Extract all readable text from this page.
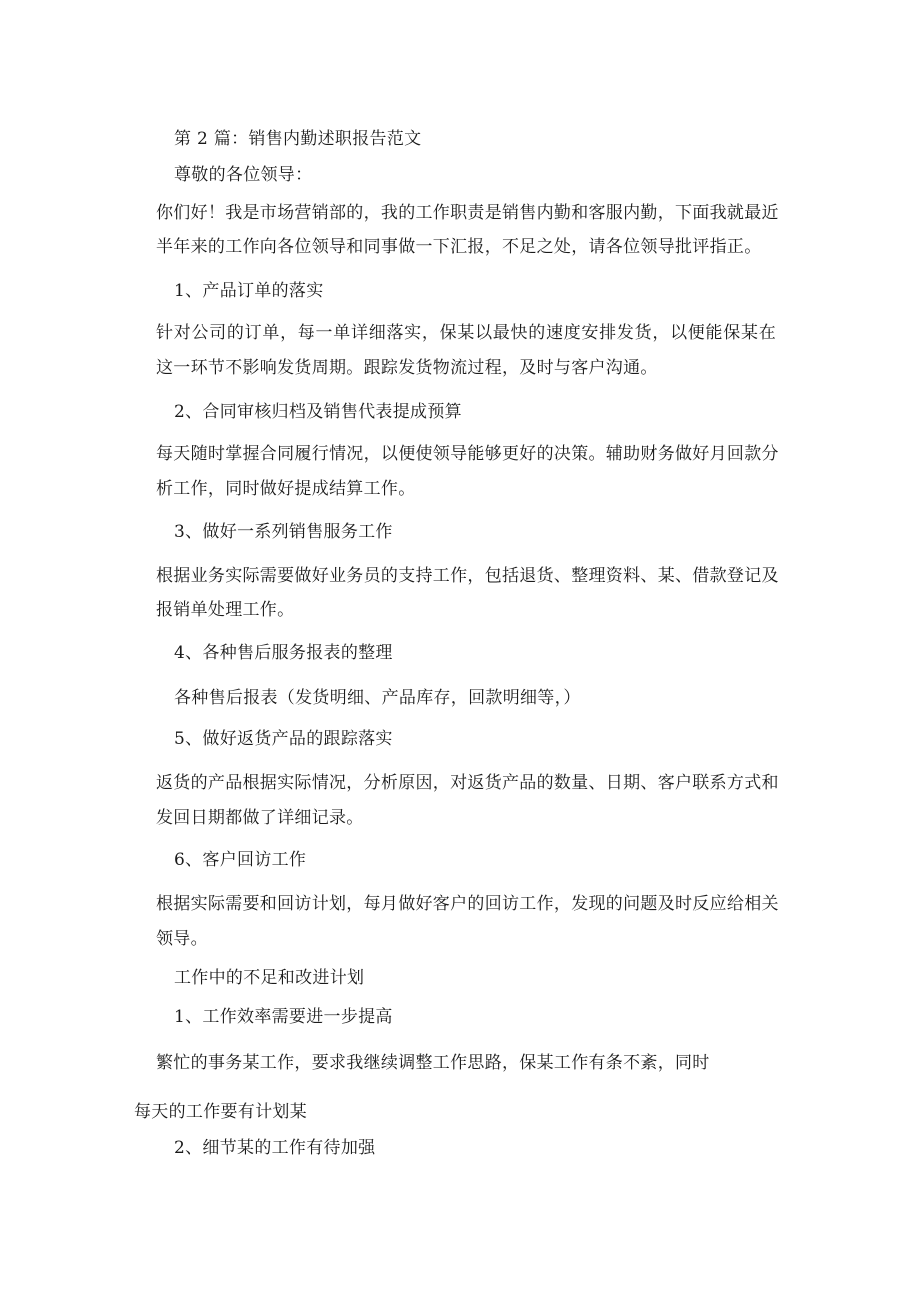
第 2 篇：销售内勤述职报告范文
尊敬的各位领导：
你们好！我是市场营销部的，我的工作职责是销售内勤和客服内勤，下面我就最近
半年来的工作向各位领导和同事做一下汇报，不足之处，请各位领导批评指正。
1、产品订单的落实
针对公司的订单，每一单详细落实，保某以最快的速度安排发货，以便能保某在
这一环节不影响发货周期。跟踪发货物流过程，及时与客户沟通。
2、合同审核归档及销售代表提成预算
每天随时掌握合同履行情况，以便使领导能够更好的决策。辅助财务做好月回款分
析工作，同时做好提成结算工作。
3、做好一系列销售服务工作
根据业务实际需要做好业务员的支持工作，包括退货、整理资料、某、借款登记及
报销单处理工作。
4、各种售后服务报表的整理
各种售后报表（发货明细、产品库存，回款明细等，）
5、做好返货产品的跟踪落实
返货的产品根据实际情况，分析原因，对返货产品的数量、日期、客户联系方式和
发回日期都做了详细记录。
6、客户回访工作
根据实际需要和回访计划，每月做好客户的回访工作，发现的问题及时反应给相关
领导。
工作中的不足和改进计划
1、工作效率需要进一步提高
繁忙的事务某工作，要求我继续调整工作思路，保某工作有条不紊，同时
每天的工作要有计划某
2、细节某的工作有待加强
